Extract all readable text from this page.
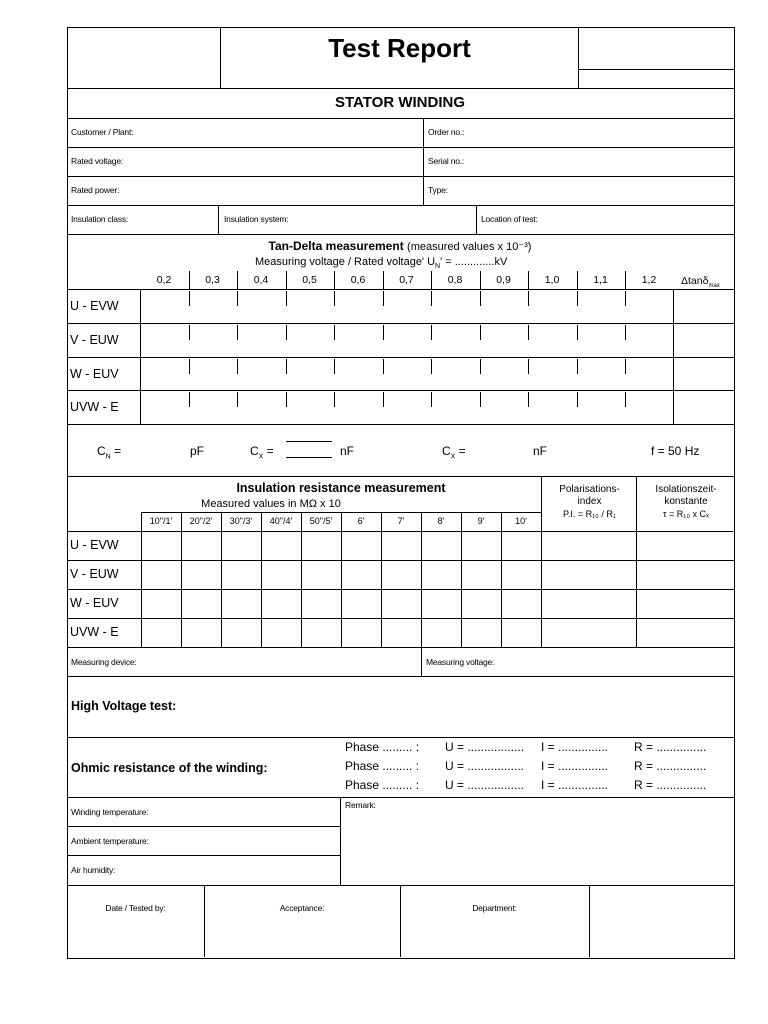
Test Report
STATOR WINDING
Customer / Plant:	Order no.:
Rated voltage:	Serial no.:
Rated power:	Type:
Insulation class:	Insulation system:	Location of test:
Tan-Delta measurement (measured values x 10⁻³)
Measuring voltage / Rated voltage' $U_N' = .............kV$
0,2	0,3	0,4	0,5	0,6	0,7	0,8	0,9	1,0	1,1	1,2	Δtanδ$_{max}$
U - EVW
V - EUW
W - EUV
UVW - E
$C_N$ =	pF	$C_X$ =	nF	$C_X$ =	nF	f = 50 Hz
Insulation resistance measurement
Measured values in MΩ x 10
Polarisations-
index
P.I. = R₁₀ / R₁
Isolationszeit-
konstante
τ = R₁₀ x Cₓ
10"/1'	20"/2'	30"/3'	40"/4'	50"/5'	6'	7'	8'	9'	10'
U - EVW
V - EUW
W - EUV
UVW - E
Measuring device:	Measuring voltage:
High Voltage test:
Ohmic resistance of the winding:
Phase ......... : U = ................. I = ............... R = ...............
Phase ......... : U = ................. I = ............... R = ...............
Phase ......... : U = ................. I = ............... R = ...............
Winding temperature:
Ambient temperature:
Air humidity:
Remark:
Date / Tested by:	Acceptance:	Department:
